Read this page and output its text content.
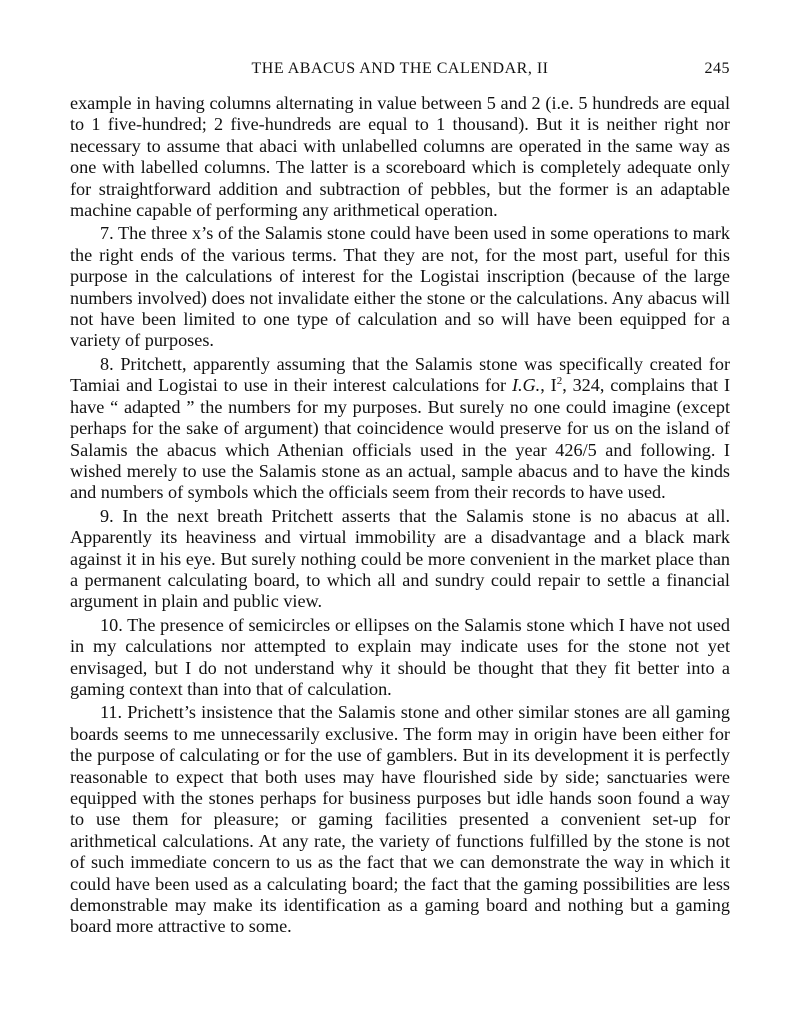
THE ABACUS AND THE CALENDAR, II	245

example in having columns alternating in value between 5 and 2 (i.e. 5 hundreds are equal to 1 five-hundred; 2 five-hundreds are equal to 1 thousand). But it is neither right nor necessary to assume that abaci with unlabelled columns are operated in the same way as one with labelled columns. The latter is a scoreboard which is completely adequate only for straightforward addition and subtraction of pebbles, but the former is an adaptable machine capable of performing any arithmetical operation.

7. The three x’s of the Salamis stone could have been used in some operations to mark the right ends of the various terms. That they are not, for the most part, useful for this purpose in the calculations of interest for the Logistai inscription (because of the large numbers involved) does not invalidate either the stone or the calculations. Any abacus will not have been limited to one type of calculation and so will have been equipped for a variety of purposes.

8. Pritchett, apparently assuming that the Salamis stone was specifically created for Tamiai and Logistai to use in their interest calculations for I.G., $I^2$, 324, complains that I have “ adapted ” the numbers for my purposes. But surely no one could imagine (except perhaps for the sake of argument) that coincidence would preserve for us on the island of Salamis the abacus which Athenian officials used in the year 426/5 and following. I wished merely to use the Salamis stone as an actual, sample abacus and to have the kinds and numbers of symbols which the officials seem from their records to have used.

9. In the next breath Pritchett asserts that the Salamis stone is no abacus at all. Apparently its heaviness and virtual immobility are a disadvantage and a black mark against it in his eye. But surely nothing could be more convenient in the market place than a permanent calculating board, to which all and sundry could repair to settle a financial argument in plain and public view.

10. The presence of semicircles or ellipses on the Salamis stone which I have not used in my calculations nor attempted to explain may indicate uses for the stone not yet envisaged, but I do not understand why it should be thought that they fit better into a gaming context than into that of calculation.

11. Prichett’s insistence that the Salamis stone and other similar stones are all gaming boards seems to me unnecessarily exclusive. The form may in origin have been either for the purpose of calculating or for the use of gamblers. But in its development it is perfectly reasonable to expect that both uses may have flourished side by side; sanctuaries were equipped with the stones perhaps for business purposes but idle hands soon found a way to use them for pleasure; or gaming facilities presented a convenient set-up for arithmetical calculations. At any rate, the variety of functions fulfilled by the stone is not of such immediate concern to us as the fact that we can demonstrate the way in which it could have been used as a calculating board; the fact that the gaming possibilities are less demonstrable may make its identification as a gaming board and nothing but a gaming board more attractive to some.
